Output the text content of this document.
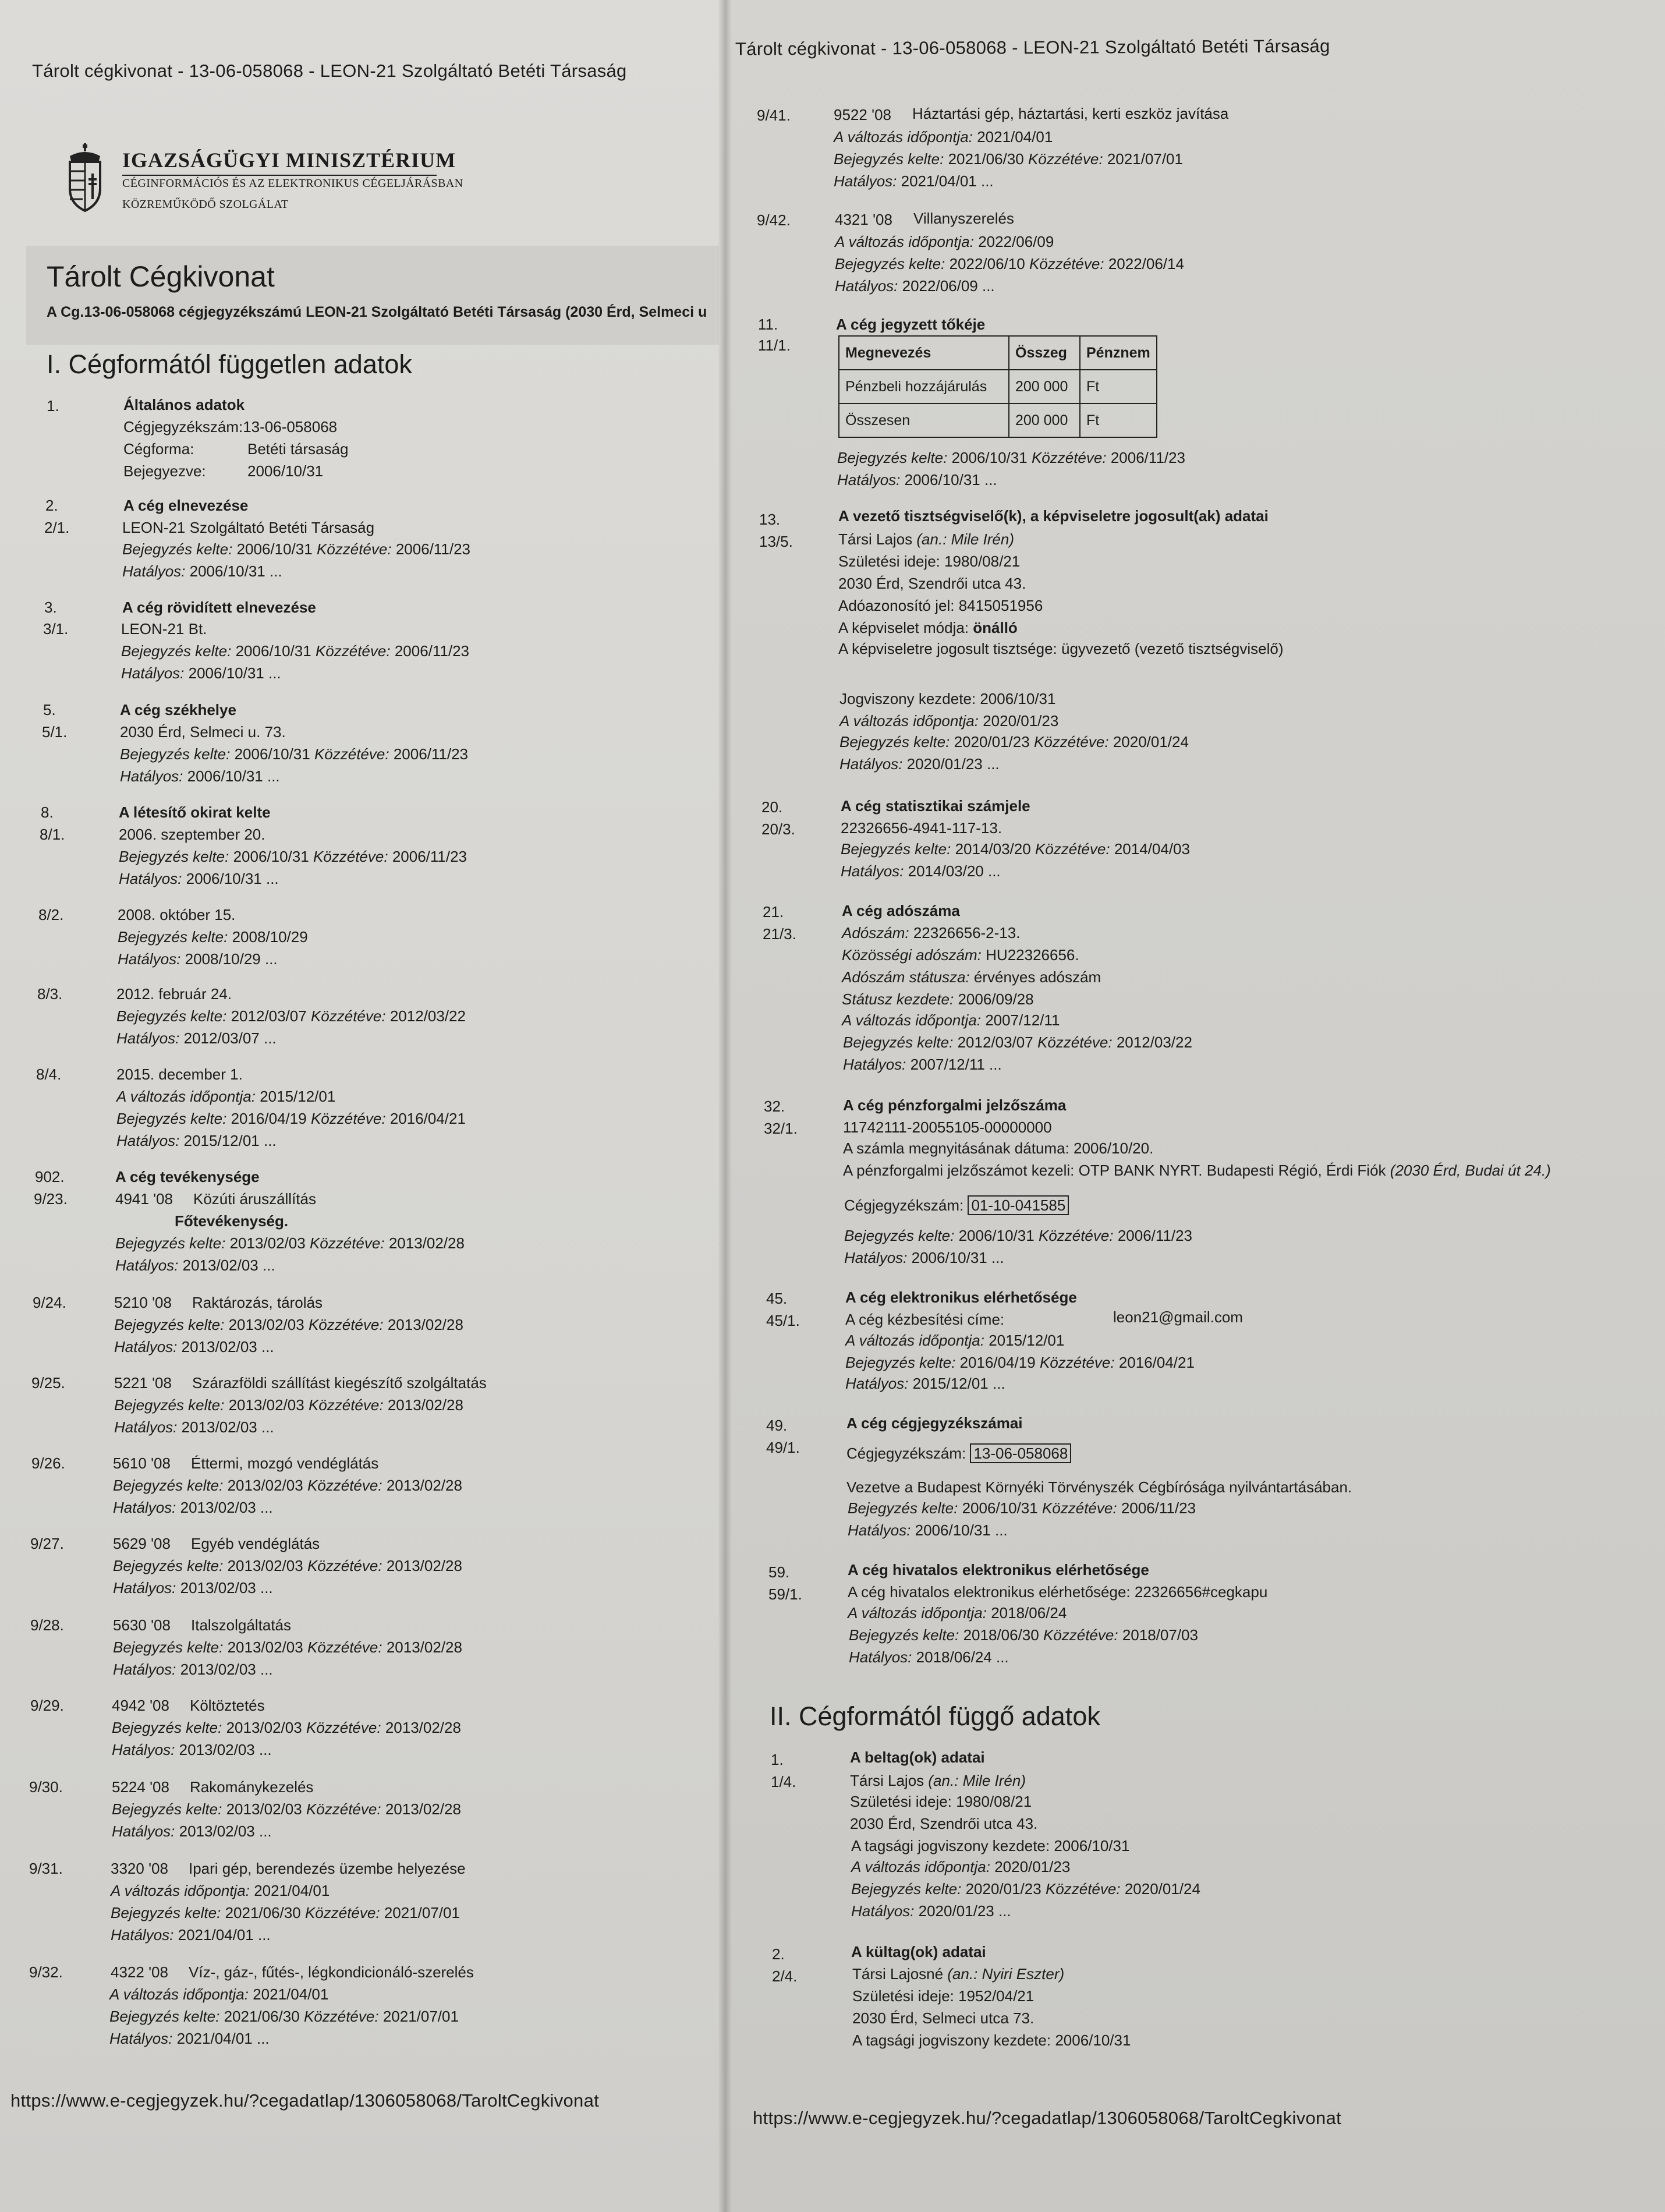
Tárolt cégkivonat - 13-06-058068 - LEON-21 Szolgáltató Betéti Társaság
IGAZSÁGÜGYI MINISZTÉRIUM
CÉGINFORMÁCIÓS ÉS AZ ELEKTRONIKUS CÉGELJÁRÁSBAN
KÖZREMŰKÖDŐ SZOLGÁLAT
Tárolt Cégkivonat
A Cg.13-06-058068 cégjegyzékszámú LEON-21 Szolgáltató Betéti Társaság (2030 Érd, Selmeci u
I. Cégformától független adatok
1.	Általános adatok
Cégjegyzékszám:13-06-058068
Cégforma:	Betéti társaság
Bejegyezve:	2006/10/31
2.	A cég elnevezése
2/1.	LEON-21 Szolgáltató Betéti Társaság
Bejegyzés kelte: 2006/10/31 Közzétéve: 2006/11/23
Hatályos: 2006/10/31 ...
3.	A cég rövidített elnevezése
3/1.	LEON-21 Bt.
Bejegyzés kelte: 2006/10/31 Közzétéve: 2006/11/23
Hatályos: 2006/10/31 ...
5.	A cég székhelye
5/1.	2030 Érd, Selmeci u. 73.
Bejegyzés kelte: 2006/10/31 Közzétéve: 2006/11/23
Hatályos: 2006/10/31 ...
8.	A létesítő okirat kelte
8/1.	2006. szeptember 20.
Bejegyzés kelte: 2006/10/31 Közzétéve: 2006/11/23
Hatályos: 2006/10/31 ...
8/2.	2008. október 15.
Bejegyzés kelte: 2008/10/29
Hatályos: 2008/10/29 ...
8/3.	2012. február 24.
Bejegyzés kelte: 2012/03/07 Közzétéve: 2012/03/22
Hatályos: 2012/03/07 ...
8/4.	2015. december 1.
A változás időpontja: 2015/12/01
Bejegyzés kelte: 2016/04/19 Közzétéve: 2016/04/21
Hatályos: 2015/12/01 ...
902.	A cég tevékenysége
9/23.	4941 '08 Közúti áruszállítás
Főtevékenység.
Bejegyzés kelte: 2013/02/03 Közzétéve: 2013/02/28
Hatályos: 2013/02/03 ...
9/24.	5210 '08 Raktározás, tárolás
Bejegyzés kelte: 2013/02/03 Közzétéve: 2013/02/28
Hatályos: 2013/02/03 ...
9/25.	5221 '08 Szárazföldi szállítást kiegészítő szolgáltatás
Bejegyzés kelte: 2013/02/03 Közzétéve: 2013/02/28
Hatályos: 2013/02/03 ...
9/26.	5610 '08 Éttermi, mozgó vendéglátás
Bejegyzés kelte: 2013/02/03 Közzétéve: 2013/02/28
Hatályos: 2013/02/03 ...
9/27.	5629 '08 Egyéb vendéglátás
Bejegyzés kelte: 2013/02/03 Közzétéve: 2013/02/28
Hatályos: 2013/02/03 ...
9/28.	5630 '08 Italszolgáltatás
Bejegyzés kelte: 2013/02/03 Közzétéve: 2013/02/28
Hatályos: 2013/02/03 ...
9/29.	4942 '08 Költöztetés
Bejegyzés kelte: 2013/02/03 Közzétéve: 2013/02/28
Hatályos: 2013/02/03 ...
9/30.	5224 '08 Rakománykezelés
Bejegyzés kelte: 2013/02/03 Közzétéve: 2013/02/28
Hatályos: 2013/02/03 ...
9/31.	3320 '08 Ipari gép, berendezés üzembe helyezése
A változás időpontja: 2021/04/01
Bejegyzés kelte: 2021/06/30 Közzétéve: 2021/07/01
Hatályos: 2021/04/01 ...
9/32.	4322 '08 Víz-, gáz-, fűtés-, légkondicionáló-szerelés
A változás időpontja: 2021/04/01
Bejegyzés kelte: 2021/06/30 Közzétéve: 2021/07/01
Hatályos: 2021/04/01 ...
https://www.e-cegjegyzek.hu/?cegadatlap/1306058068/TaroltCegkivonat
Tárolt cégkivonat - 13-06-058068 - LEON-21 Szolgáltató Betéti Társaság
9/41.	9522 '08 Háztartási gép, háztartási, kerti eszköz javítása
A változás időpontja: 2021/04/01
Bejegyzés kelte: 2021/06/30 Közzétéve: 2021/07/01
Hatályos: 2021/04/01 ...
9/42.	4321 '08 Villanyszerelés
A változás időpontja: 2022/06/09
Bejegyzés kelte: 2022/06/10 Közzétéve: 2022/06/14
Hatályos: 2022/06/09 ...
11.	A cég jegyzett tőkéje
11/1.	Megnevezés	Összeg	Pénznem
Pénzbeli hozzájárulás	200 000	Ft
Összesen	200 000	Ft
Bejegyzés kelte: 2006/10/31 Közzétéve: 2006/11/23
Hatályos: 2006/10/31 ...
13.	A vezető tisztségviselő(k), a képviseletre jogosult(ak) adatai
13/5.	Társi Lajos (an.: Mile Irén)
Születési ideje: 1980/08/21
2030 Érd, Szendrői utca 43.
Adóazonosító jel: 8415051956
A képviselet módja: önálló
A képviseletre jogosult tisztsége: ügyvezető (vezető tisztségviselő)
Jogviszony kezdete: 2006/10/31
A változás időpontja: 2020/01/23
Bejegyzés kelte: 2020/01/23 Közzétéve: 2020/01/24
Hatályos: 2020/01/23 ...
20.	A cég statisztikai számjele
20/3.	22326656-4941-117-13.
Bejegyzés kelte: 2014/03/20 Közzétéve: 2014/04/03
Hatályos: 2014/03/20 ...
21.	A cég adószáma
21/3.	Adószám: 22326656-2-13.
Közösségi adószám: HU22326656.
Adószám státusza: érvényes adószám
Státusz kezdete: 2006/09/28
A változás időpontja: 2007/12/11
Bejegyzés kelte: 2012/03/07 Közzétéve: 2012/03/22
Hatályos: 2007/12/11 ...
32.	A cég pénzforgalmi jelzőszáma
32/1.	11742111-20055105-00000000
A számla megnyitásának dátuma: 2006/10/20.
A pénzforgalmi jelzőszámot kezeli: OTP BANK NYRT. Budapesti Régió, Érdi Fiók (2030 Érd, Budai út 24.)
Cégjegyzékszám: 01-10-041585
Bejegyzés kelte: 2006/10/31 Közzétéve: 2006/11/23
Hatályos: 2006/10/31 ...
45.	A cég elektronikus elérhetősége
45/1.	A cég kézbesítési címe:	leon21@gmail.com
A változás időpontja: 2015/12/01
Bejegyzés kelte: 2016/04/19 Közzétéve: 2016/04/21
Hatályos: 2015/12/01 ...
49.	A cég cégjegyzékszámai
49/1.	Cégjegyzékszám: 13-06-058068
Vezetve a Budapest Környéki Törvényszék Cégbírósága nyilvántartásában.
Bejegyzés kelte: 2006/10/31 Közzétéve: 2006/11/23
Hatályos: 2006/10/31 ...
59.	A cég hivatalos elektronikus elérhetősége
59/1.	A cég hivatalos elektronikus elérhetősége: 22326656#cegkapu
A változás időpontja: 2018/06/24
Bejegyzés kelte: 2018/06/30 Közzétéve: 2018/07/03
Hatályos: 2018/06/24 ...
II. Cégformától függő adatok
1.	A beltag(ok) adatai
1/4.	Társi Lajos (an.: Mile Irén)
Születési ideje: 1980/08/21
2030 Érd, Szendrői utca 43.
A tagsági jogviszony kezdete: 2006/10/31
A változás időpontja: 2020/01/23
Bejegyzés kelte: 2020/01/23 Közzétéve: 2020/01/24
Hatályos: 2020/01/23 ...
2.	A kültag(ok) adatai
2/4.	Társi Lajosné (an.: Nyiri Eszter)
Születési ideje: 1952/04/21
2030 Érd, Selmeci utca 73.
A tagsági jogviszony kezdete: 2006/10/31
https://www.e-cegjegyzek.hu/?cegadatlap/1306058068/TaroltCegkivonat
